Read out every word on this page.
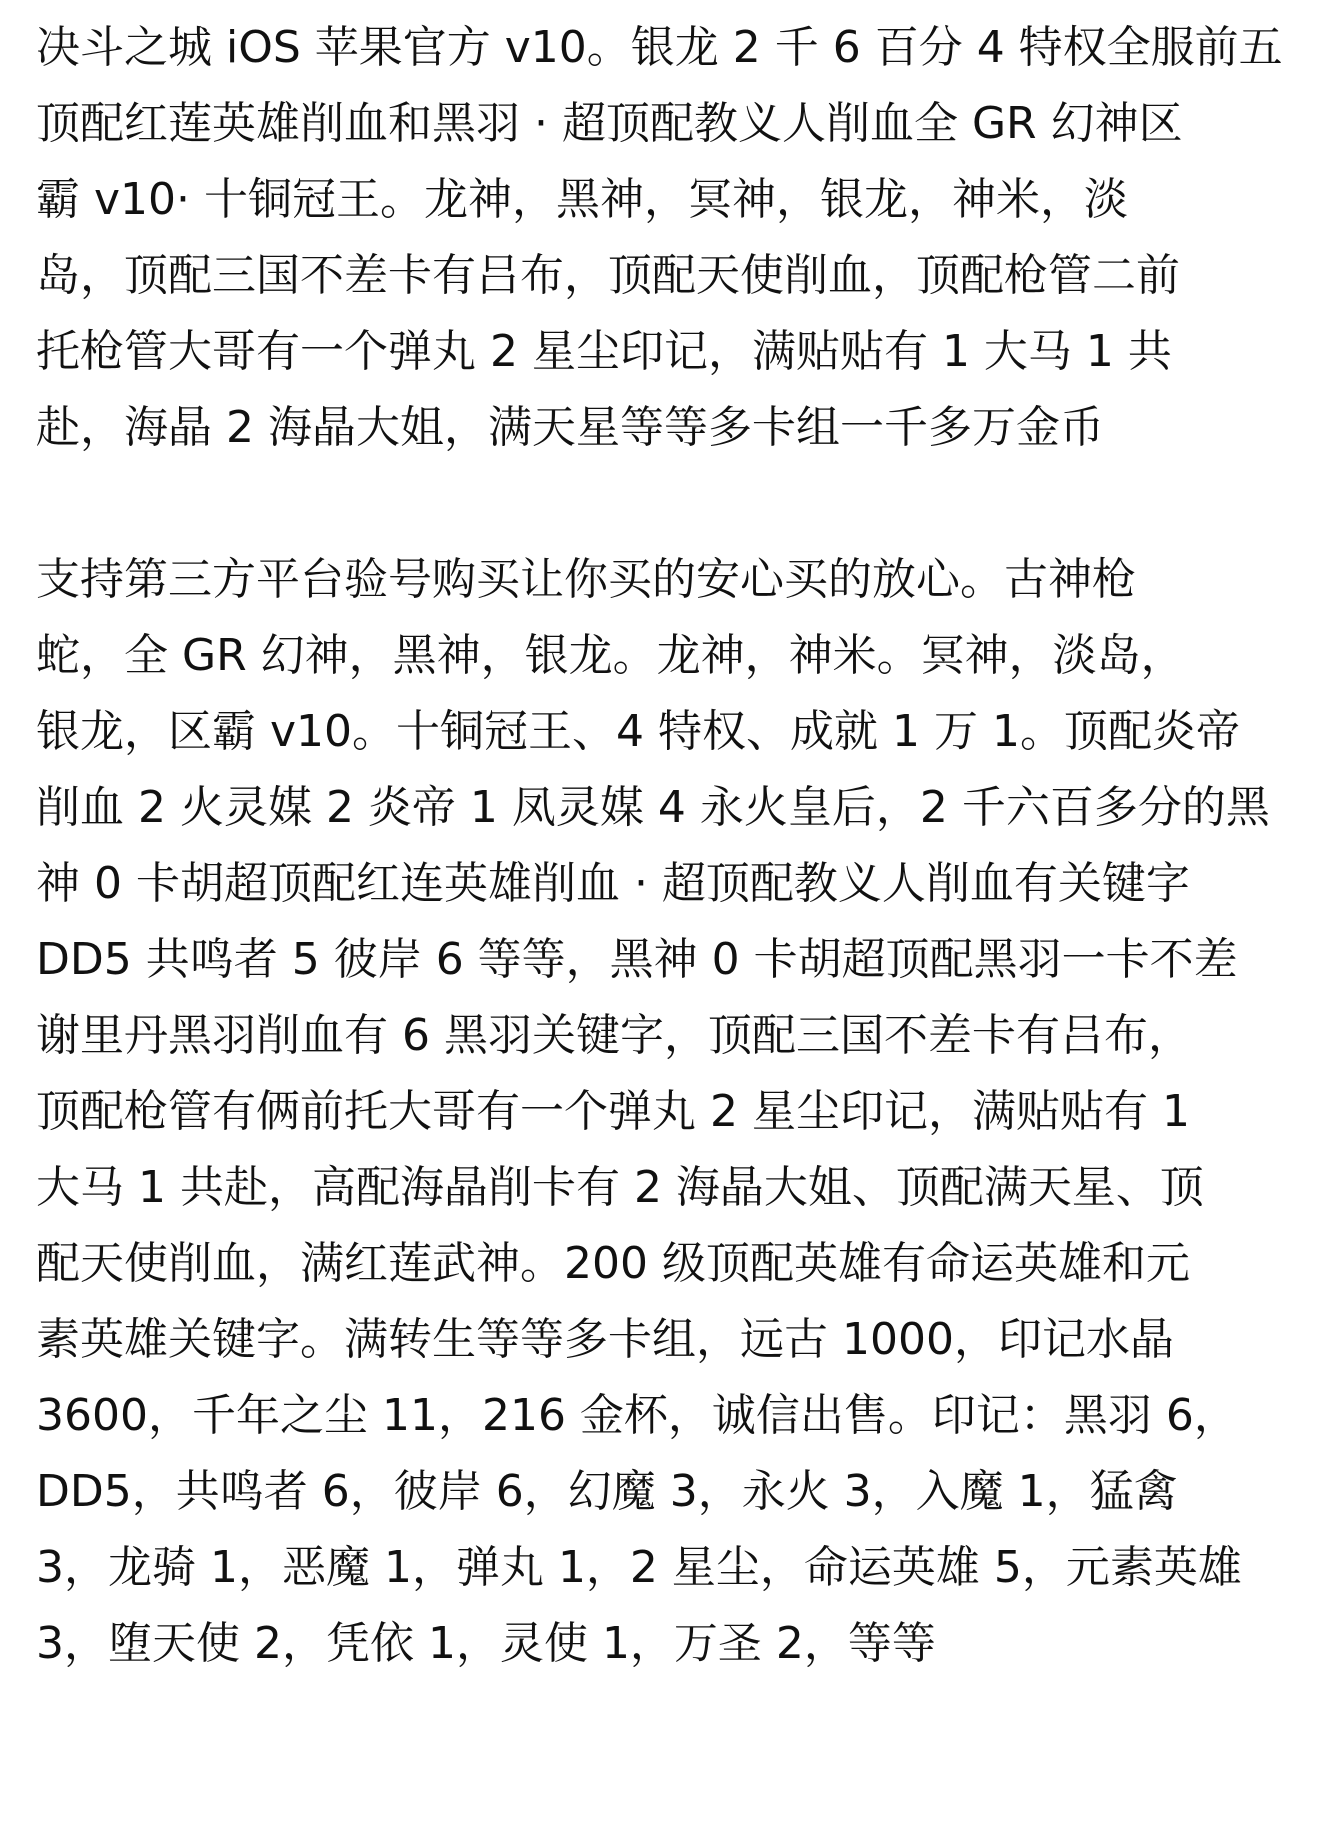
决斗之城 iOS 苹果官方 v10。银龙 2 千 6 百分 4 特权全服前五
顶配红莲英雄削血和黑羽 · 超顶配教义人削血全 GR 幻神区
霸 v10· 十铜冠王。龙神，黑神，冥神，银龙，神米，淡
岛，顶配三国不差卡有吕布，顶配天使削血，顶配枪管二前
托枪管大哥有一个弹丸 2 星尘印记，满贴贴有 1 大马 1 共
赴，海晶 2 海晶大姐，满天星等等多卡组一千多万金币
支持第三方平台验号购买让你买的安心买的放心。古神枪
蛇，全 GR 幻神，黑神，银龙。龙神，神米。冥神，淡岛，
银龙，区霸 v10。十铜冠王、4 特权、成就 1 万 1。顶配炎帝
削血 2 火灵媒 2 炎帝 1 凤灵媒 4 永火皇后，2 千六百多分的黑
神 0 卡胡超顶配红连英雄削血 · 超顶配教义人削血有关键字
DD5 共鸣者 5 彼岸 6 等等，黑神 0 卡胡超顶配黑羽一卡不差
谢里丹黑羽削血有 6 黑羽关键字，顶配三国不差卡有吕布，
顶配枪管有俩前托大哥有一个弹丸 2 星尘印记，满贴贴有 1
大马 1 共赴，高配海晶削卡有 2 海晶大姐、顶配满天星、顶
配天使削血，满红莲武神。200 级顶配英雄有命运英雄和元
素英雄关键字。满转生等等多卡组，远古 1000，印记水晶
3600，千年之尘 11，216 金杯，诚信出售。印记：黑羽 6，
DD5，共鸣者 6，彼岸 6，幻魔 3，永火 3，入魔 1，猛禽
3，龙骑 1，恶魔 1，弹丸 1，2 星尘，命运英雄 5，元素英雄
3，堕天使 2，凭依 1，灵使 1，万圣 2，等等
